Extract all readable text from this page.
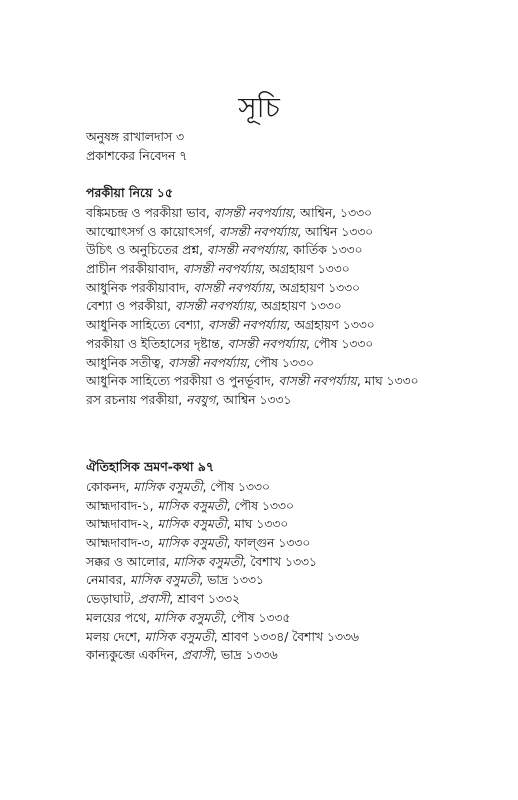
সূচি
অনুষঙ্গ রাখালদাস ৩
প্রকাশকের নিবেদন ৭
পরকীয়া নিয়ে ১৫
বঙ্কিমচন্দ্র ও পরকীয়া ভাব, বাসন্তী নবপর্য্যায়, আশ্বিন, ১৩৩০
আত্মোৎসর্গ ও কায়োৎসর্গ, বাসন্তী নবপর্য্যায়, আশ্বিন ১৩৩০
উচিৎ ও অনুচিতের প্রশ্ন, বাসন্তী নবপর্য্যায়, কার্তিক ১৩৩০
প্রাচীন পরকীয়াবাদ, বাসন্তী নবপর্য্যায়, অগ্রহায়ণ ১৩৩০
আধুনিক পরকীয়াবাদ, বাসন্তী নবপর্য্যায়, অগ্রহায়ণ ১৩৩০
বেশ্যা ও পরকীয়া, বাসন্তী নবপর্য্যায়, অগ্রহায়ণ ১৩৩০
আধুনিক সাহিত্যে বেশ্যা, বাসন্তী নবপর্য্যায়, অগ্রহায়ণ ১৩৩০
পরকীয়া ও ইতিহাসের দৃষ্টান্ত, বাসন্তী নবপর্য্যায়, পৌষ ১৩৩০
আধুনিক সতীত্ব, বাসন্তী নবপর্য্যায়, পৌষ ১৩৩০
আধুনিক সাহিত্যে পরকীয়া ও পুনর্ভূবাদ, বাসন্তী নবপর্য্যায়, মাঘ ১৩৩০
রস রচনায় পরকীয়া, নবযুগ, আশ্বিন ১৩৩১
ঐতিহাসিক ভ্রমণ-কথা ৯৭
কোকনদ, মাসিক বসুমতী, পৌষ ১৩৩০
আহ্মদাবাদ-১, মাসিক বসুমতী, পৌষ ১৩৩০
আহ্মদাবাদ-২, মাসিক বসুমতী, মাঘ ১৩৩০
আহ্মদাবাদ-৩, মাসিক বসুমতী, ফাল্গুন ১৩৩০
সক্কর ও আলোর, মাসিক বসুমতী, বৈশাখ ১৩৩১
নেমাবর, মাসিক বসুমতী, ভাদ্র ১৩৩১
ভেড়াঘাট, প্রবাসী, শ্রাবণ ১৩৩২
মলয়ের পথে, মাসিক বসুমতী, পৌষ ১৩৩৫
মলয় দেশে, মাসিক বসুমতী, শ্রাবণ ১৩৩৪/ বৈশাখ ১৩৩৬
কান্যকুব্জে একদিন, প্রবাসী, ভাদ্র ১৩৩৬
